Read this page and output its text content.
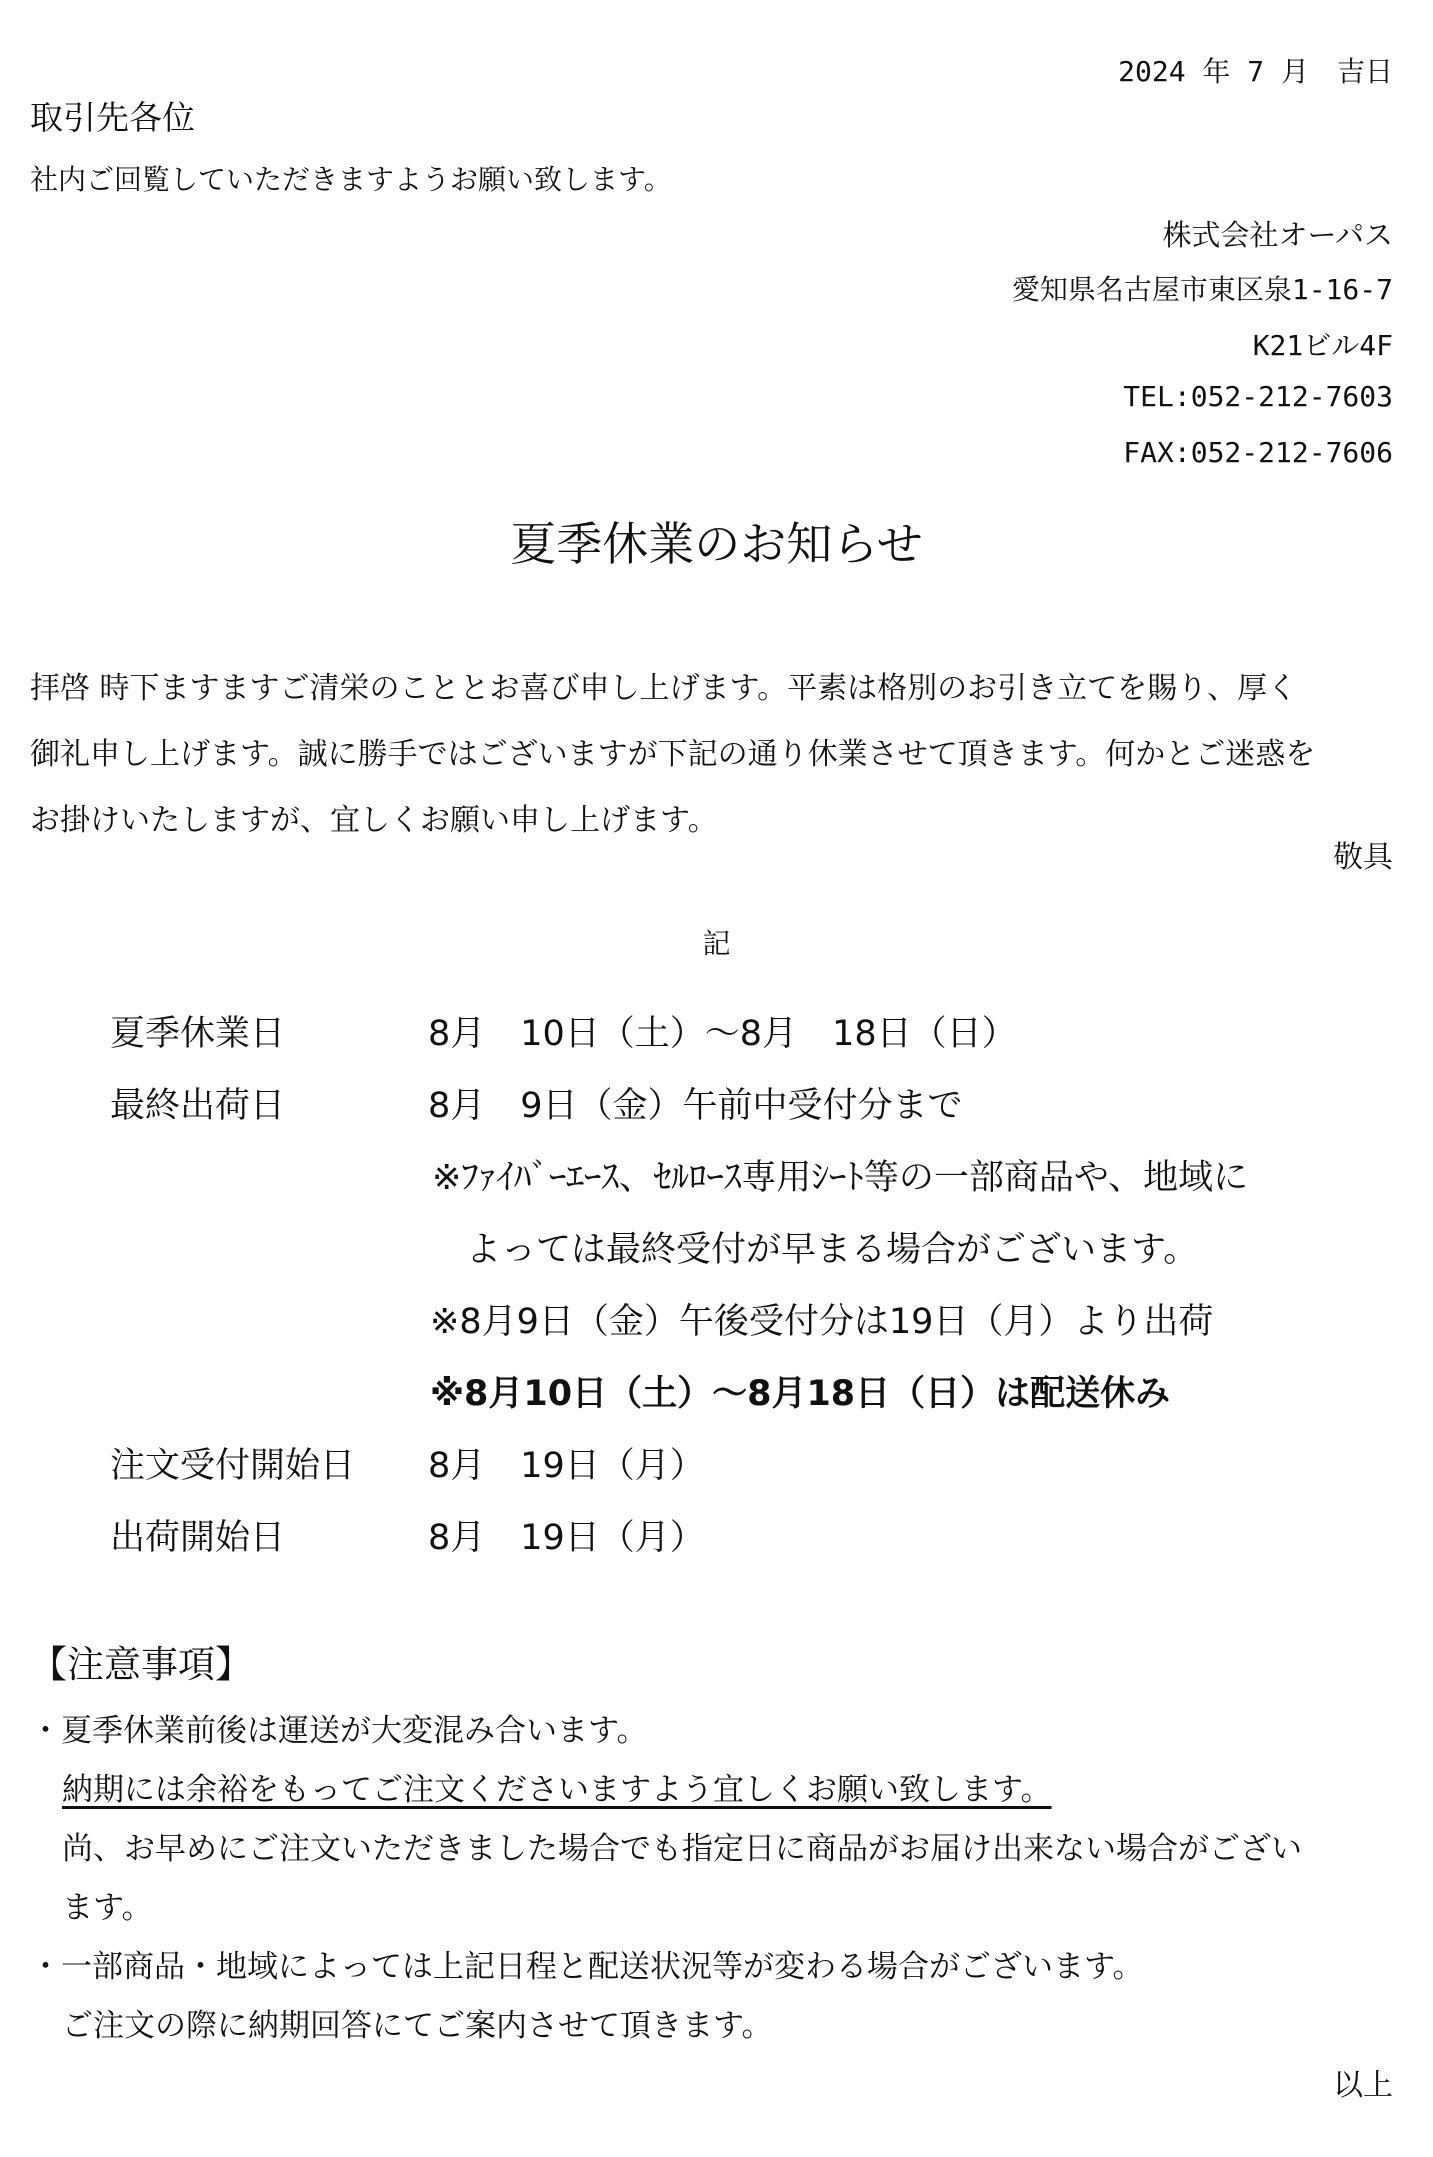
2024 年 7 月　吉日
取引先各位
社内ご回覧していただきますようお願い致します。
株式会社オーパス
愛知県名古屋市東区泉1-16-7
K21ビル4F
TEL:052-212-7603
FAX:052-212-7606
夏季休業のお知らせ
拝啓 時下ますますご清栄のこととお喜び申し上げます。平素は格別のお引き立てを賜り、厚く
御礼申し上げます。誠に勝手ではございますが下記の通り休業させて頂きます。何かとご迷惑を
お掛けいたしますが、宜しくお願い申し上げます。
敬具
記
夏季休業日	8月　10日（土）～8月　18日（日）
最終出荷日	8月　9日（金）午前中受付分まで
※ﾌｧｲﾊﾞｰｴｰｽ、ｾﾙﾛｰｽ専用ｼｰﾄ等の一部商品や、地域に
よっては最終受付が早まる場合がございます。
※8月9日（金）午後受付分は19日（月）より出荷
※8月10日（土）～8月18日（日）は配送休み
注文受付開始日 8月　19日（月）
出荷開始日	8月　19日（月）
【注意事項】
・夏季休業前後は運送が大変混み合います。
納期には余裕をもってご注文くださいますよう宜しくお願い致します。
尚、お早めにご注文いただきました場合でも指定日に商品がお届け出来ない場合がござい
ます。
・一部商品・地域によっては上記日程と配送状況等が変わる場合がございます。
ご注文の際に納期回答にてご案内させて頂きます。
以上
